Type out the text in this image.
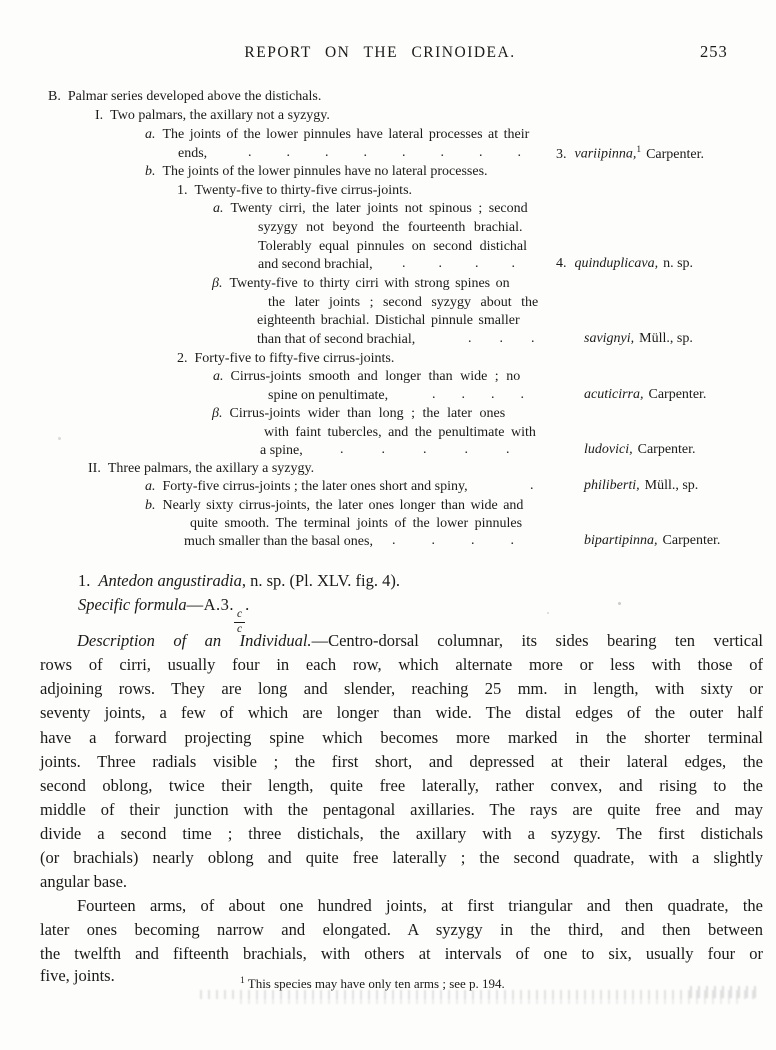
REPORT ON THE CRINOIDEA.	253
B. Palmar series developed above the distichals.
I. Two palmars, the axillary not a syzygy.
a. The joints of the lower pinnules have lateral processes at their
ends,	........ 3. variipinna,$^1$ Carpenter.
b. The joints of the lower pinnules have no lateral processes.
1. Twenty-five to thirty-five cirrus-joints.
a. Twenty cirri, the later joints not spinous ; second
syzygy not beyond the fourteenth brachial.
Tolerably equal pinnules on second distichal
and second brachial, .... 4. quinduplicava, n. sp.
β. Twenty-five to thirty cirri with strong spines on
the later joints ; second syzygy about the
eighteenth brachial. Distichal pinnule smaller
than that of second brachial,	... savignyi, Müll., sp.
2. Forty-five to fifty-five cirrus-joints.
a. Cirrus-joints smooth and longer than wide ; no
spine on penultimate,	.... acuticirra, Carpenter.
β. Cirrus-joints wider than long ; the later ones
with faint tubercles, and the penultimate with
a spine,	.....	ludovici, Carpenter.
II. Three palmars, the axillary a syzygy.
a. Forty-five cirrus-joints ; the later ones short and spiny,	.	philiberti, Müll., sp.
b. Nearly sixty cirrus-joints, the later ones longer than wide and
quite smooth. The terminal joints of the lower pinnules
much smaller than the basal ones, .... bipartipinna, Carpenter.
1. Antedon angustiradia, n. sp. (Pl. XLV. fig. 4).
Specific formula—A.3.
$\frac{c}{c}$
.
Description of an Individual.—Centro-dorsal columnar, its sides bearing ten vertical
rows of cirri, usually four in each row, which alternate more or less with those of
adjoining rows. They are long and slender, reaching 25 mm. in length, with sixty or
seventy joints, a few of which are longer than wide. The distal edges of the outer half
have a forward projecting spine which becomes more marked in the shorter terminal
joints. Three radials visible ; the first short, and depressed at their lateral edges, the
second oblong, twice their length, quite free laterally, rather convex, and rising to the
middle of their junction with the pentagonal axillaries. The rays are quite free and may
divide a second time ; three distichals, the axillary with a syzygy. The first distichals
(or brachials) nearly oblong and quite free laterally ; the second quadrate, with a slightly
angular base.
Fourteen arms, of about one hundred joints, at first triangular and then quadrate, the
later ones becoming narrow and elongated. A syzygy in the third, and then between
the twelfth and fifteenth brachials, with others at intervals of one to six, usually four or
five, joints.	$^1$ This species may have only ten arms ; see p. 194.
